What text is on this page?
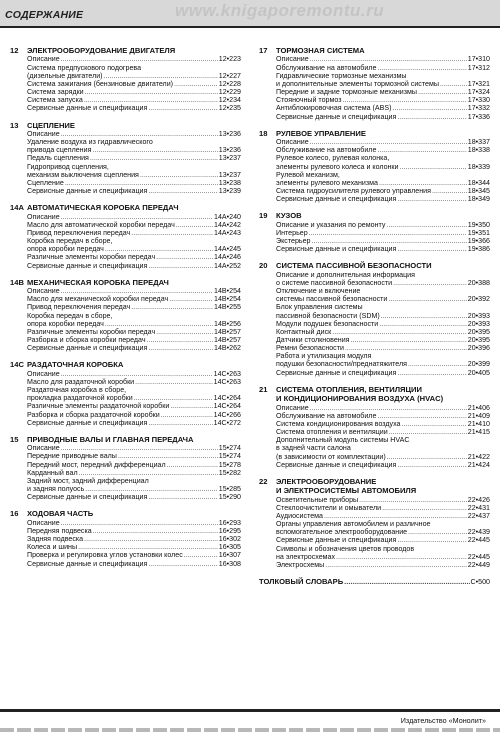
www.knigaporemontu.ru
СОДЕРЖАНИЕ
12	ЭЛЕКТРООБОРУДОВАНИЕ ДВИГАТЕЛЯ
Описание .....	12•223
Система предпускового подогрева
(дизельные двигатели) .....	12•227
Система зажигания (бензиновые двигатели) .....	12•228
Система зарядки .....	12•229
Система запуска .....	12•234
Сервисные данные и спецификация .....	12•235
13	СЦЕПЛЕНИЕ
Описание .....	13•236
Удаление воздуха из гидравлического
привода сцепления .....	13•236
Педаль сцепления .....	13•237
Гидропривод сцепления,
механизм выключения сцепления .....	13•237
Сцепление .....	13•238
Сервисные данные и спецификация .....	13•239
14А АВТОМАТИЧЕСКАЯ КОРОБКА ПЕРЕДАЧ
Описание .....	14А•240
Масло для автоматической коробки передач .....	14А•242
Привод переключения передач .....	14А•243
Коробка передач в сборе,
опора коробки передач .....	14А•245
Различные элементы коробки передач .....	14А•246
Сервисные данные и спецификация .....	14А•252
14В МЕХАНИЧЕСКАЯ КОРОБКА ПЕРЕДАЧ
Описание .....	14В•254
Масло для механической коробки передач .....	14В•254
Привод переключения передач .....	14В•255
Коробка передач в сборе,
опора коробки передач .....	14В•256
Различные элементы коробки передач .....	14В•257
Разборка и сборка коробки передач .....	14В•257
Сервисные данные и спецификация .....	14В•262
14С РАЗДАТОЧНАЯ КОРОБКА
Описание .....	14С•263
Масло для раздаточной коробки .....	14С•263
Раздаточная коробка в сборе,
прокладка раздаточной коробки .....	14С•264
Различные элементы раздаточной коробки .....	14С•264
Разборка и сборка раздаточной коробки .....	14С•266
Сервисные данные и спецификация .....	14С•272
15	ПРИВОДНЫЕ ВАЛЫ И ГЛАВНАЯ ПЕРЕДАЧА
Описание .....	15•274
Передние приводные валы .....	15•274
Передний мост, передний дифференциал .....	15•278
Карданный вал .....	15•282
Задний мост, задний дифференциал
и задняя полуось .....	15•285
Сервисные данные и спецификация .....	15•290
16	ХОДОВАЯ ЧАСТЬ
Описание .....	16•293
Передняя подвеска .....	16•295
Задняя подвеска .....	16•302
Колеса и шины .....	16•305
Проверка и регулировка углов установки колес .....	16•307
Сервисные данные и спецификация .....	16•308
17	ТОРМОЗНАЯ СИСТЕМА
Описание .....	17•310
Обслуживание на автомобиле .....	17•312
Гидравлические тормозные механизмы
и дополнительные элементы тормозной системы .....	17•321
Передние и задние тормозные механизмы .....	17•324
Стояночный тормоз .....	17•330
Антиблокировочная система (ABS) .....	17•332
Сервисные данные и спецификация .....	17•336
18	РУЛЕВОЕ УПРАВЛЕНИЕ
Описание .....	18•337
Обслуживание на автомобиле .....	18•338
Рулевое колесо, рулевая колонка,
элементы рулевого колеса и колонки .....	18•339
Рулевой механизм,
элементы рулевого механизма .....	18•344
Система гидроусилителя рулевого управления .....	18•345
Сервисные данные и спецификация .....	18•349
19	КУЗОВ
Описание и указания по ремонту .....	19•350
Интерьер .....	19•351
Экстерьер .....	19•366
Сервисные данные и спецификация .....	19•386
20	СИСТЕМА ПАССИВНОЙ БЕЗОПАСНОСТИ
Описание и дополнительная информация
о системе пассивной безопасности .....	20•388
Отключение и включение
системы пассивной безопасности .....	20•392
Блок управления системы
пассивной безопасности (SDM) .....	20•393
Модули подушек безопасности .....	20•393
Контактный диск .....	20•395
Датчики столкновения .....	20•395
Ремни безопасности .....	20•396
Работа и утилизация модуля
подушки безопасности/преднатяжителя .....	20•399
Сервисные данные и спецификация .....	20•405
21	СИСТЕМА ОТОПЛЕНИЯ, ВЕНТИЛЯЦИИ
И КОНДИЦИОНИРОВАНИЯ ВОЗДУХА (HVAC)
Описание .....	21•406
Обслуживание на автомобиле .....	21•409
Система кондиционирования воздуха .....	21•410
Система отопления и вентиляции .....	21•415
Дополнительный модуль системы HVAC
в задней части салона
(в зависимости от комплектации) .....	21•422
Сервисные данные и спецификация .....	21•424
22	ЭЛЕКТРООБОРУДОВАНИЕ
И ЭЛЕКТРОСИСТЕМЫ АВТОМОБИЛЯ
Осветительные приборы .....	22•426
Стеклоочистители и омыватели .....	22•431
Аудиосистема .....	22•437
Органы управления автомобилем и различное
вспомогательное электрооборудование .....	22•439
Сервисные данные и спецификация .....	22•445
Символы и обозначения цветов проводов
на электросхемах .....	22•445
Электросхемы .....	22•449
ТОЛКОВЫЙ СЛОВАРЬ .....	С•500
Издательство «Монолит»
